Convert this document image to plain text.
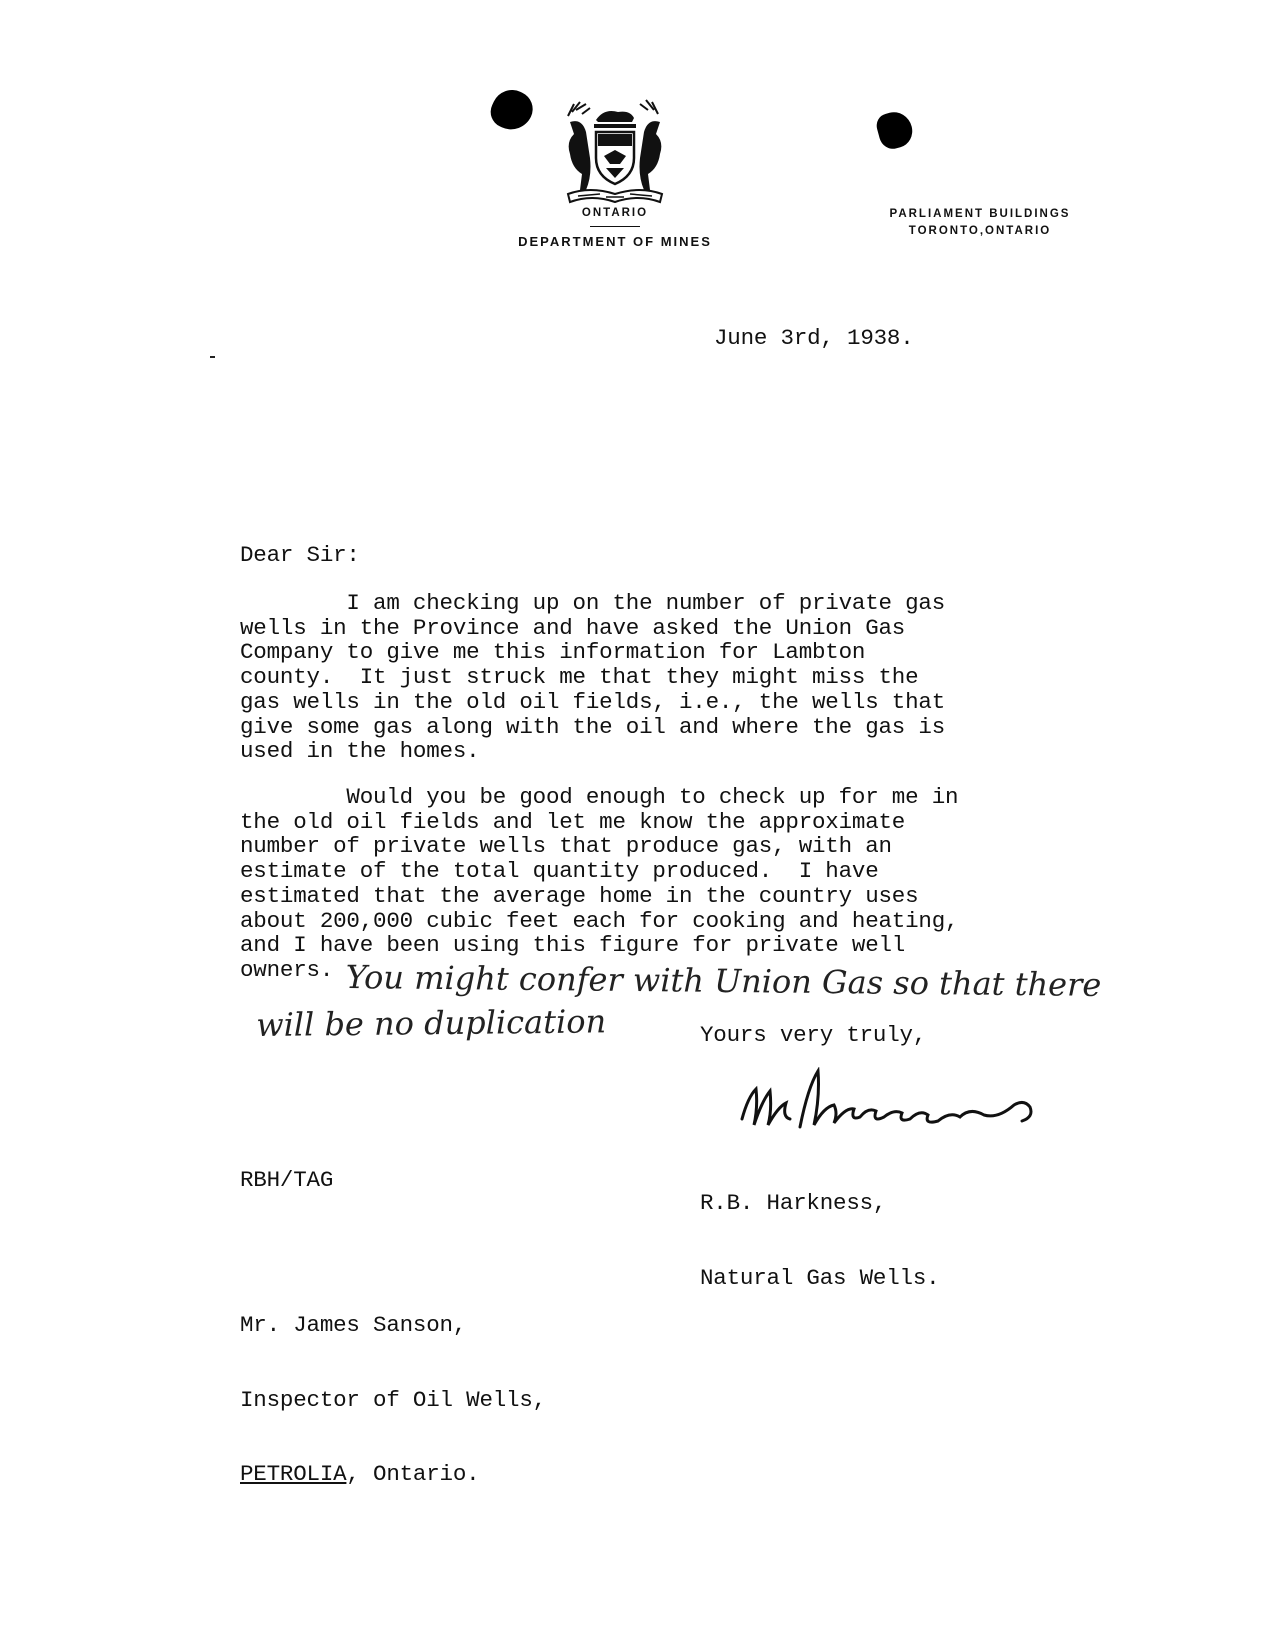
ONTARIO
DEPARTMENT OF MINES
PARLIAMENT BUILDINGS
TORONTO,ONTARIO
June 3rd, 1938.
Dear Sir:
I am checking up on the number of private gas
wells in the Province and have asked the Union Gas
Company to give me this information for Lambton
county.  It just struck me that they might miss the
gas wells in the old oil fields, i.e., the wells that
give some gas along with the oil and where the gas is
used in the homes.
Would you be good enough to check up for me in
the old oil fields and let me know the approximate
number of private wells that produce gas, with an
estimate of the total quantity produced.  I have
estimated that the average home in the country uses
about 200,000 cubic feet each for cooking and heating,
and I have been using this figure for private well
owners. You might confer with Union Gas so that there
will be no duplication	Yours very truly,

R.B. Harkness,

Natural Gas Wells.

RBH/TAG

Mr. James Sanson,

Inspector of Oil Wells,

PETROLIA, Ontario.
